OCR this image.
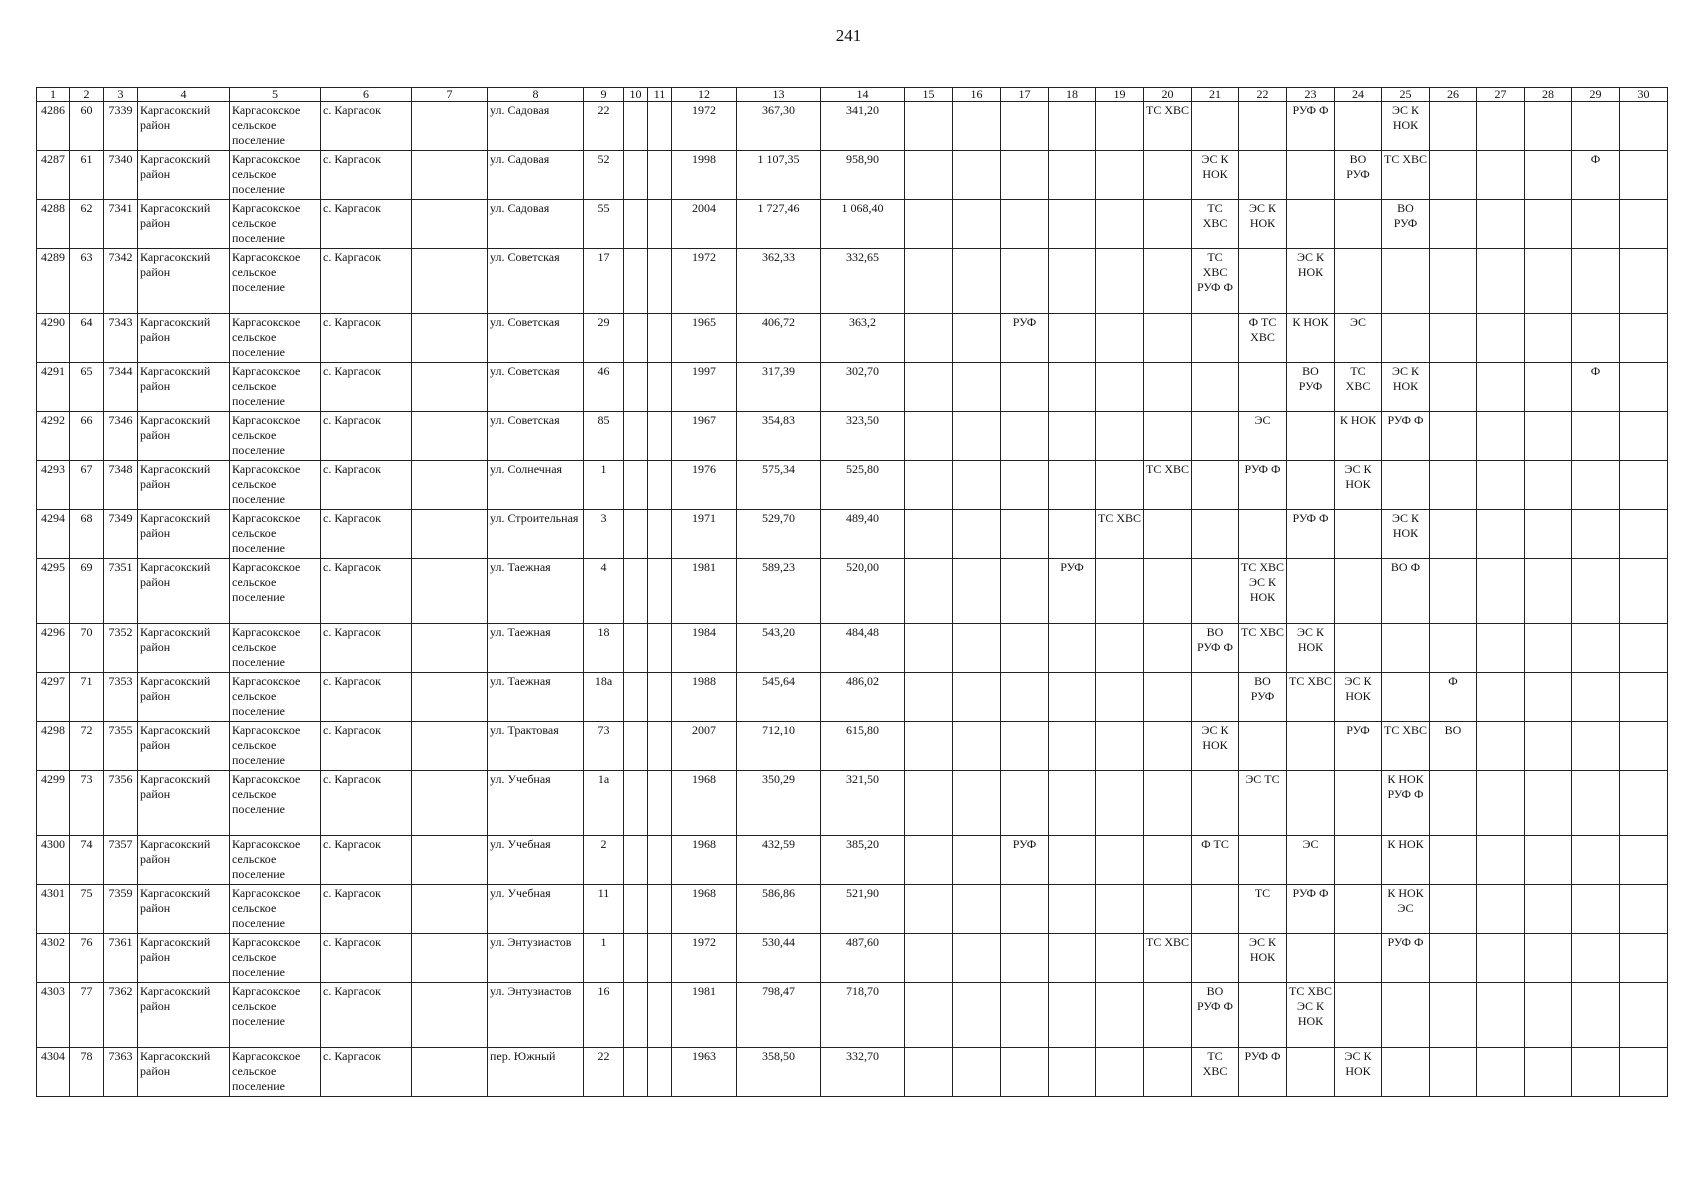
241
1	2	3	4	5	6	7	8	9	10	11	12	13	14	15	16	17	18	19	20	21	22	23	24	25	26	27	28	29	30
4286	60	7339	Каргасокский район	Каргасокское сельское поселение	с. Каргасок		ул. Садовая	22			1972	367,30	341,20						ТС ХВС			РУФ Ф		ЭС К НОК					
4287	61	7340	Каргасокский район	Каргасокское сельское поселение	с. Каргасок		ул. Садовая	52			1998	1 107,35	958,90							ЭС К НОК			ВО РУФ	ТС ХВС				Ф	
4288	62	7341	Каргасокский район	Каргасокское сельское поселение	с. Каргасок		ул. Садовая	55			2004	1 727,46	1 068,40							ТС ХВС	ЭС К НОК			ВО РУФ					
4289	63	7342	Каргасокский район	Каргасокское сельское поселение	с. Каргасок		ул. Советская	17			1972	362,33	332,65							ТС ХВС РУФ Ф		ЭС К НОК							
4290	64	7343	Каргасокский район	Каргасокское сельское поселение	с. Каргасок		ул. Советская	29			1965	406,72	363,2			РУФ					Ф ТС ХВС	К НОК	ЭС						
4291	65	7344	Каргасокский район	Каргасокское сельское поселение	с. Каргасок		ул. Советская	46			1997	317,39	302,70									ВО РУФ	ТС ХВС	ЭС К НОК				Ф	
4292	66	7346	Каргасокский район	Каргасокское сельское поселение	с. Каргасок		ул. Советская	85			1967	354,83	323,50								ЭС		К НОК	РУФ Ф					
4293	67	7348	Каргасокский район	Каргасокское сельское поселение	с. Каргасок		ул. Солнечная	1			1976	575,34	525,80						ТС ХВС		РУФ Ф		ЭС К НОК						
4294	68	7349	Каргасокский район	Каргасокское сельское поселение	с. Каргасок		ул. Строительная	3			1971	529,70	489,40					ТС ХВС				РУФ Ф		ЭС К НОК					
4295	69	7351	Каргасокский район	Каргасокское сельское поселение	с. Каргасок		ул. Таежная	4			1981	589,23	520,00				РУФ				ТС ХВС ЭС К НОК			ВО Ф					
4296	70	7352	Каргасокский район	Каргасокское сельское поселение	с. Каргасок		ул. Таежная	18			1984	543,20	484,48							ВО РУФ Ф	ТС ХВС	ЭС К НОК							
4297	71	7353	Каргасокский район	Каргасокское сельское поселение	с. Каргасок		ул. Таежная	18а			1988	545,64	486,02								ВО РУФ	ТС ХВС	ЭС К НОК		Ф				
4298	72	7355	Каргасокский район	Каргасокское сельское поселение	с. Каргасок		ул. Трактовая	73			2007	712,10	615,80							ЭС К НОК			РУФ	ТС ХВС	ВО				
4299	73	7356	Каргасокский район	Каргасокское сельское поселение	с. Каргасок		ул. Учебная	1а			1968	350,29	321,50								ЭС ТС			К НОК РУФ Ф					
4300	74	7357	Каргасокский район	Каргасокское сельское поселение	с. Каргасок		ул. Учебная	2			1968	432,59	385,20			РУФ				Ф ТС		ЭС		К НОК					
4301	75	7359	Каргасокский район	Каргасокское сельское поселение	с. Каргасок		ул. Учебная	11			1968	586,86	521,90								ТС	РУФ Ф		К НОК ЭС					
4302	76	7361	Каргасокский район	Каргасокское сельское поселение	с. Каргасок		ул. Энтузиастов	1			1972	530,44	487,60						ТС ХВС		ЭС К НОК			РУФ Ф					
4303	77	7362	Каргасокский район	Каргасокское сельское поселение	с. Каргасок		ул. Энтузиастов	16			1981	798,47	718,70							ВО РУФ Ф		ТС ХВС ЭС К НОК							
4304	78	7363	Каргасокский район	Каргасокское сельское поселение	с. Каргасок		пер. Южный	22			1963	358,50	332,70							ТС ХВС	РУФ Ф		ЭС К НОК						
